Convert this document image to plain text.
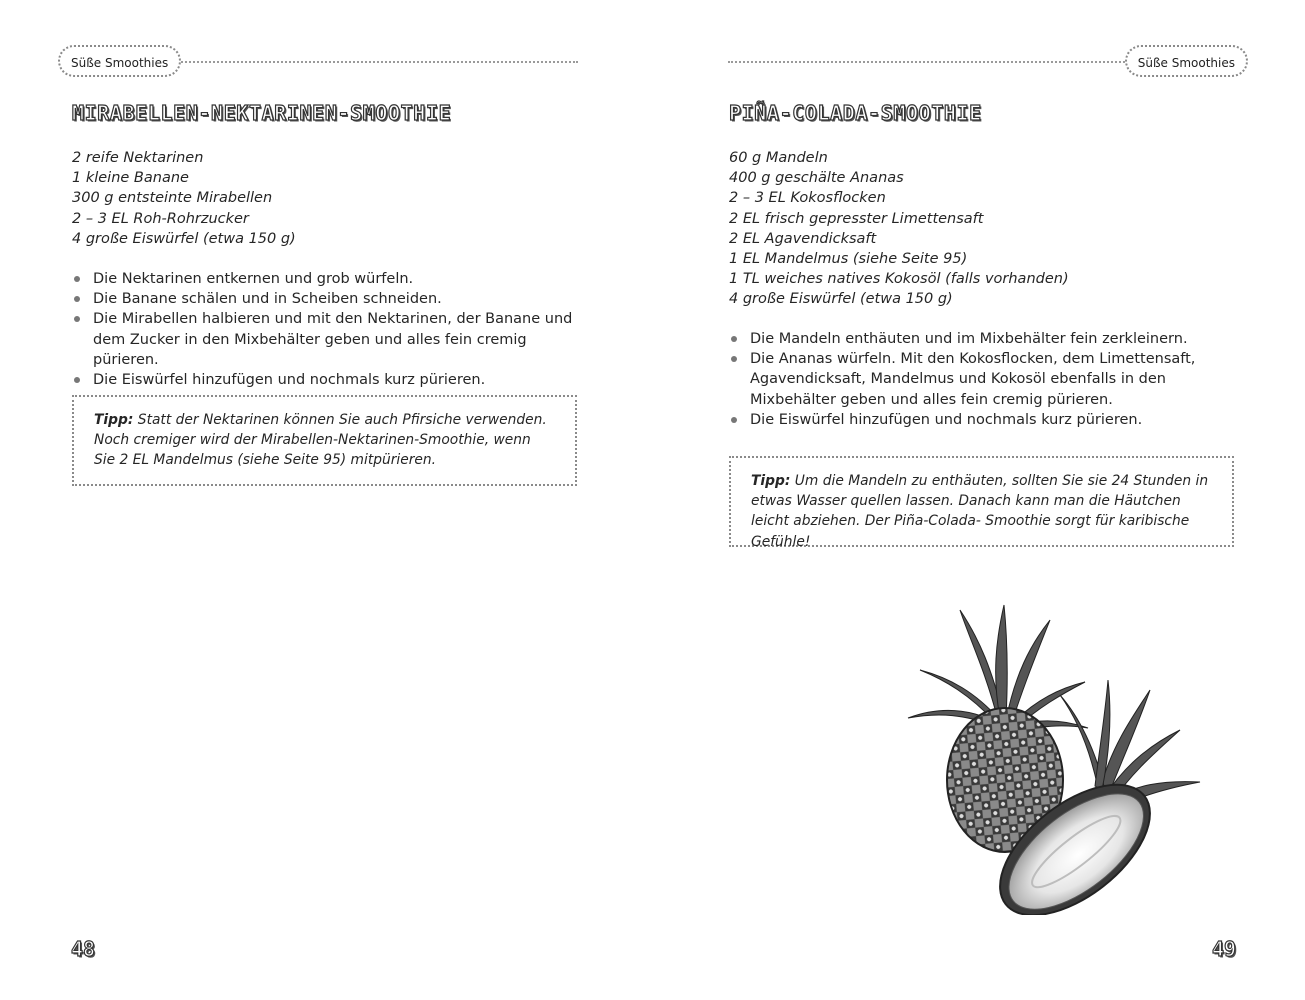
Süße Smoothies
MIRABELLEN-NEKTARINEN-SMOOTHIE
2 reife Nektarinen
1 kleine Banane
300 g entsteinte Mirabellen
2 – 3 EL Roh-Rohrzucker
4 große Eiswürfel (etwa 150 g)
Die Nektarinen entkernen und grob würfeln.
Die Banane schälen und in Scheiben schneiden.
Die Mirabellen halbieren und mit den Nektarinen, der Banane und dem Zucker in den Mixbehälter geben und alles fein cremig pürieren.
Die Eiswürfel hinzufügen und nochmals kurz pürieren.
Tipp: Statt der Nektarinen können Sie auch Pfirsiche verwenden. Noch cremiger wird der Mirabellen-Nektarinen-Smoothie, wenn Sie 2 EL Mandelmus (siehe Seite 95) mitpürieren.
48
Süße Smoothies
PIÑA-COLADA-SMOOTHIE
60 g Mandeln
400 g geschälte Ananas
2 – 3 EL Kokosflocken
2 EL frisch gepresster Limettensaft
2 EL Agavendicksaft
1 EL Mandelmus (siehe Seite 95)
1 TL weiches natives Kokosöl (falls vorhanden)
4 große Eiswürfel (etwa 150 g)
Die Mandeln enthäuten und im Mixbehälter fein zerkleinern.
Die Ananas würfeln. Mit den Kokosflocken, dem Limettensaft, Agavendicksaft, Mandelmus und Kokosöl ebenfalls in den Mixbehälter geben und alles fein cremig pürieren.
Die Eiswürfel hinzufügen und nochmals kurz pürieren.
Tipp: Um die Mandeln zu enthäuten, sollten Sie sie 24 Stunden in etwas Wasser quellen lassen. Danach kann man die Häutchen leicht abziehen. Der Piña-Colada- Smoothie sorgt für karibische Gefühle!
49
